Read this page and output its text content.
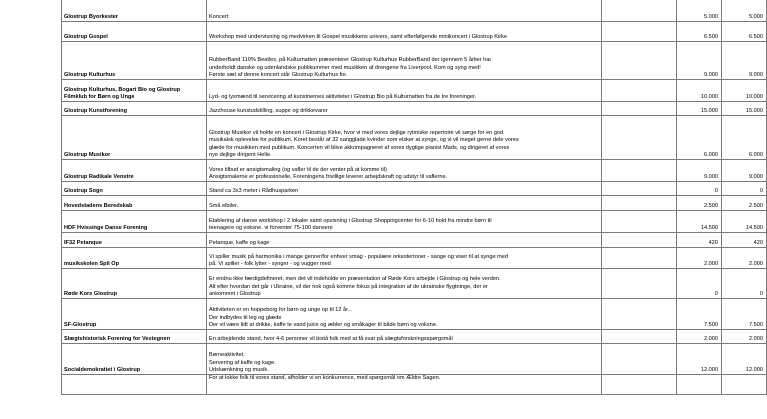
Glostrup Byorkester	Koncert		5.000	5.000
Glostrup Gospel	Workshop med undervisning og medvirken til Gospel musikkens univers, samt efterfølgende minikoncert i Glostrup Kirke		6.500	6.500
Glostrup Kulturhus	RubberBand 110% Beatles, på Kulturnatten præsenterer Glostrup Kulturhus RubberBand der igennem 5 årtier har
underholdt danske og udenlandske publikummer med musikken af drengene fra Liverpool. Kom og syng med!
Første sæt af denne koncert står Glostrup Kulturhus for.		9.000	9.000
Glostrup Kulturhus, Bogart Bio og Glostrup Filmklub for Børn og Unge	Lyd- og lysmænd til servicering af kunstnernes aktiviteter i Glostrup Bio på Kulturnatten fra de tre foreninger.		10.000	10.000
Glostrup Kunstforening	Jazzhouse kunstudstilling, suppe og drikkevarer		15.000	15.000
Glostrup Musikor	Glostrup Musikor vil holde en koncert i Glostrup Kirke, hvor vi med vores dejlige rytmiske repertoire vil sørge for en god
musikalsk oplevelse for publikum. Koret består af 32 sangglade kvinder som elsker at synge, og vi vil meget gerne dele vores
glæde for musikken med publikum. Koncerten vil blive akkompagneret af vores dygtige pianist Mads, og dirigeret af vores
nye dejlige dirigent Helle.		6.000	6.000
Glostrup Radikale Venstre	Vores tilbud er ansigtsmaling (og vafler til de der venter på at komme til)
Ansigtsmalerne er professionelle, Foreningens frivillige leverer arbejdskraft og udstyr til vaflerne.		9.000	9.000
Glostrup Sogn	Stand ca 3x3 meter i Rådhusparken		0	0
Hovedstadens Beredskab	Små elbiler.		2.500	2.500
HDF Hvissinge Danse Forening	Etablering af danse workshop i 2 lokaler samt opvisning i Glostrup Shoppingcenter for 6-10 hold fra mindre børn til
teenagere og voksne. vi forventer 75-100 dansere		14.500	14.500
IF32 Petanque	Petanque, kaffe og kage		420	420
musikskolen Spil Op	Vi spiller musik på harmonika i mange genrer/for enhver smag - populære orkestertoner - sange og viser til at synge med
på. Vi spiller - folk lytter - synger - og vugger med		2.000	2.000
Røde Kors Glostrup	Er endnu ikke færdigdefineret, men det vil indeholde en præsentation af Røde Kors arbejde i Glostrup og hele verden.
Alt efter hvordan det går i Ukraine, vil der nok også komme fokus på integration af de ukrainske flygtninge, der er
ankommet i Glostrup		0	0
SF-Glostrup	Aktiviteten er en hoppeborg for børn og unge op til 12 år..
Der indbydes til leg og glæde
Der vil være lidt at drikke, kaffe te vand juice og æbler og småkager til både børn og voksne.		7.500	7.500
Slægtshistorisk Forening for Vestegnen	En arbejdende stand, hvor 4-6 personer vil bistå folk med at få svar på slægtsforskningsspørgsmål		2.000	2.000
Socialdemokratiet i Glostrup	Børneaktivitet.
Servering af kaffe og kage.
Udskænkning og musik.		12.000	12.000
	For at lokke folk til vores stand, afholder vi en konkurrence, med spørgsmål om Ældre Sagen.			
